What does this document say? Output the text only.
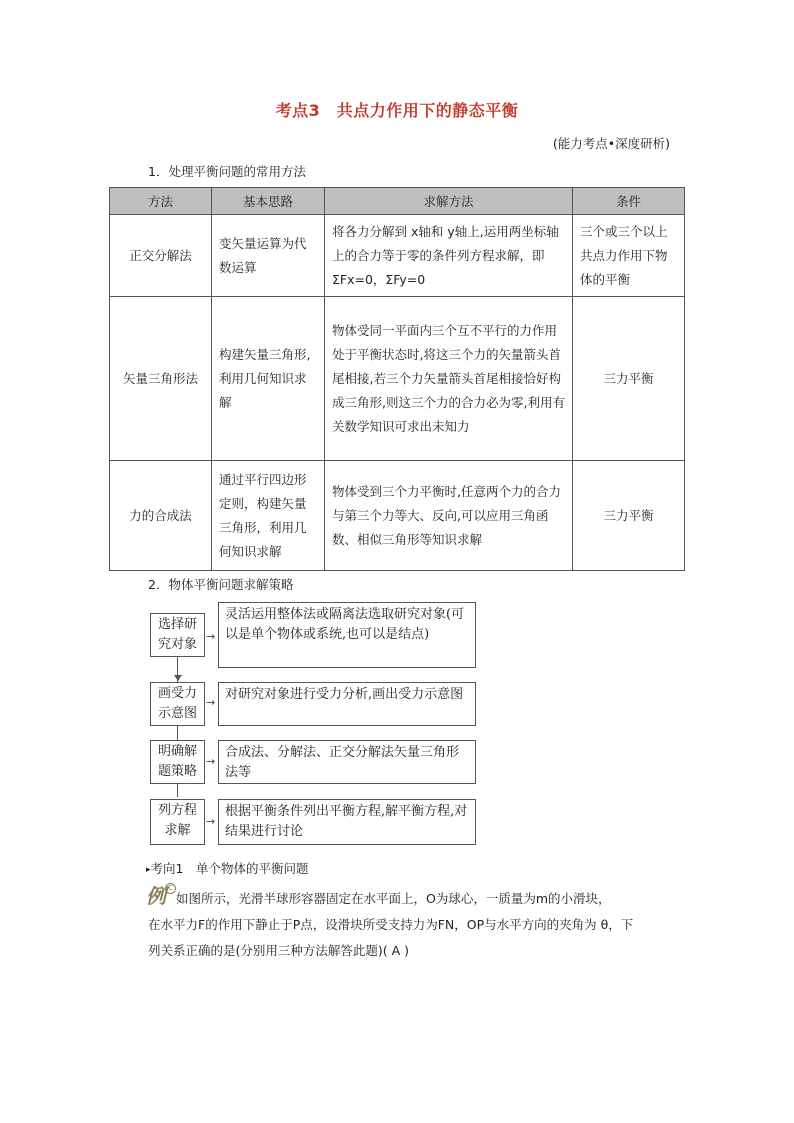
考点3　共点力作用下的静态平衡
(能力考点•深度研析)
1．处理平衡问题的常用方法
方法	基本思路	求解方法	条件
正交分解法	变矢量运算为代数运算	将各力分解到 x轴和 y轴上,运用两坐标轴上的合力等于零的条件列方程求解，即ΣFx=0，ΣFy=0	三个或三个以上共点力作用下物体的平衡
矢量三角形法	构建矢量三角形,利用几何知识求解	物体受同一平面内三个互不平行的力作用处于平衡状态时,将这三个力的矢量箭头首尾相接,若三个力矢量箭头首尾相接恰好构成三角形,则这三个力的合力必为零,利用有关数学知识可求出未知力	三力平衡
力的合成法	通过平行四边形定则，构建矢量三角形，利用几何知识求解	物体受到三个力平衡时,任意两个力的合力与第三个力等大、反向,可以应用三角函数、相似三角形等知识求解	三力平衡
2．物体平衡问题求解策略
选择研究对象
→
灵活运用整体法或隔离法选取研究对象(可以是单个物体或系统,也可以是结点)
画受力示意图
→
对研究对象进行受力分析,画出受力示意图
明确解题策略
→
合成法、分解法、正交分解法矢量三角形法等
列方程求解
→
根据平衡条件列出平衡方程,解平衡方程,对结果进行讨论
▸考向1　单个物体的平衡问题
例 C如图所示，光滑半球形容器固定在水平面上，O为球心，一质量为m的小滑块，
在水平力F的作用下静止于P点，设滑块所受支持力为FN，OP与水平方向的夹角为 θ，下
列关系正确的是(分别用三种方法解答此题)( A )
